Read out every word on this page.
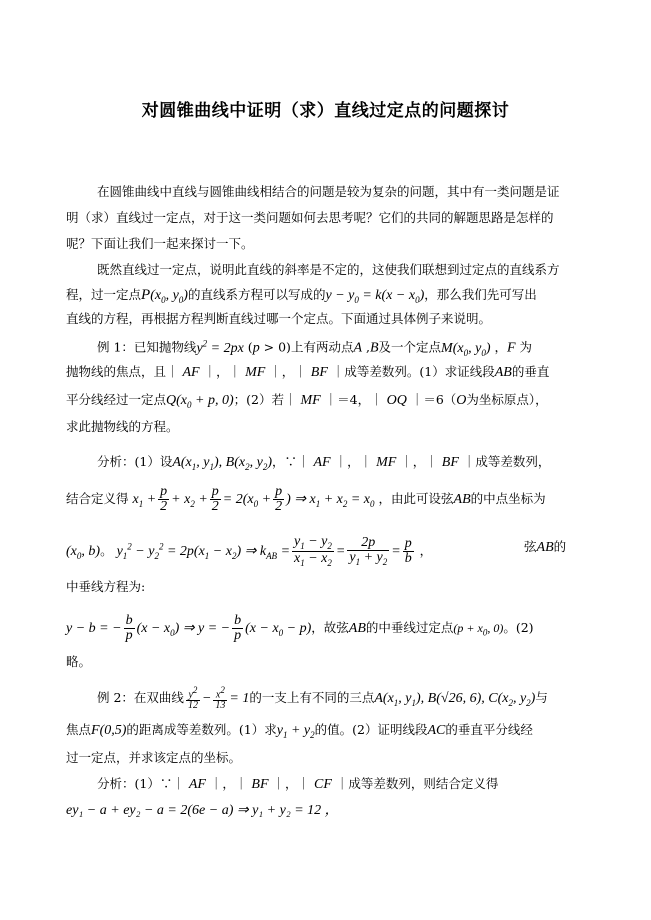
对圆锥曲线中证明（求）直线过定点的问题探讨
在圆锥曲线中直线与圆锥曲线相结合的问题是较为复杂的问题，其中有一类问题是证
明（求）直线过一定点，对于这一类问题如何去思考呢？它们的共同的解题思路是怎样的
呢？下面让我们一起来探讨一下。
既然直线过一定点，说明此直线的斜率是不定的，这使我们联想到过定点的直线系方
程，过一定点$P(x_0$, $y_0$)的直线系方程可以写成的$y - y_0 = k(x - x_0)$，那么我们先可写出
直线的方程，再根据方程判断直线过哪一个定点。下面通过具体例子来说明。
例 1：已知抛物线$y^2 = 2px$ (p > 0)上有两动点A ,B及一个定点$M(x_0$, $y_0$) ，F 为
抛物线的焦点，且｜ AF ｜，｜ MF ｜，｜ BF ｜成等差数列。(1）求证线段AB的垂直
平分线经过一定点$Q(x_0 + p$, 0)；(2）若｜ MF ｜＝4，｜ OQ ｜＝6（O为坐标原点），
求此抛物线的方程。
分析：(1）设$A(x_1$, $y_1$), $B(x_2$, $y_2$)，∵｜ AF ｜，｜ MF ｜，｜ BF ｜成等差数列，
结合定义得 $x_1 + \frac{p}{2} + x_2 + \frac{p}{2} = 2(x_0 + \frac{p}{2}$ ) ⇒ $x_1 + x_2 = x_0$ ，由此可设弦AB的中点坐标为
($x_0$, b)。 $y_1^2 - y_2^2 = 2p(x_1 - x_2)$ ⇒ $k_{AB} = \frac{y_1 - y_2}{x_1 - x_2} = \frac{2p}{y_1 + y_2} = \frac{p}{b}$ ，	弦AB的
中垂线方程为:
y − b = − $\frac{b}{p} (x - x_0)$ ⇒ y = − $\frac{b}{p} (x - x_0 - p)$，故弦AB的中垂线过定点($p + x_0$, 0)。(2)
略。
例 2：在双曲线 $\frac{y^2}{12} - \frac{x^2}{13} = 1$的一支上有不同的三点$A(x_1$, $y_1$), B(√26, 6), $C(x_2$, $y_2$)与
焦点F(0,5)的距离成等差数列。(1）求$y_1 + y_2$的值。(2）证明线段AC的垂直平分线经
过一定点，并求该定点的坐标。
分析：(1）∵｜ AF ｜，｜ BF ｜，｜ CF ｜成等差数列，则结合定义得
ey₁ − a + ey₂ − a = 2(6e − a) ⇒ y₁ + y₂ = 12 ，
